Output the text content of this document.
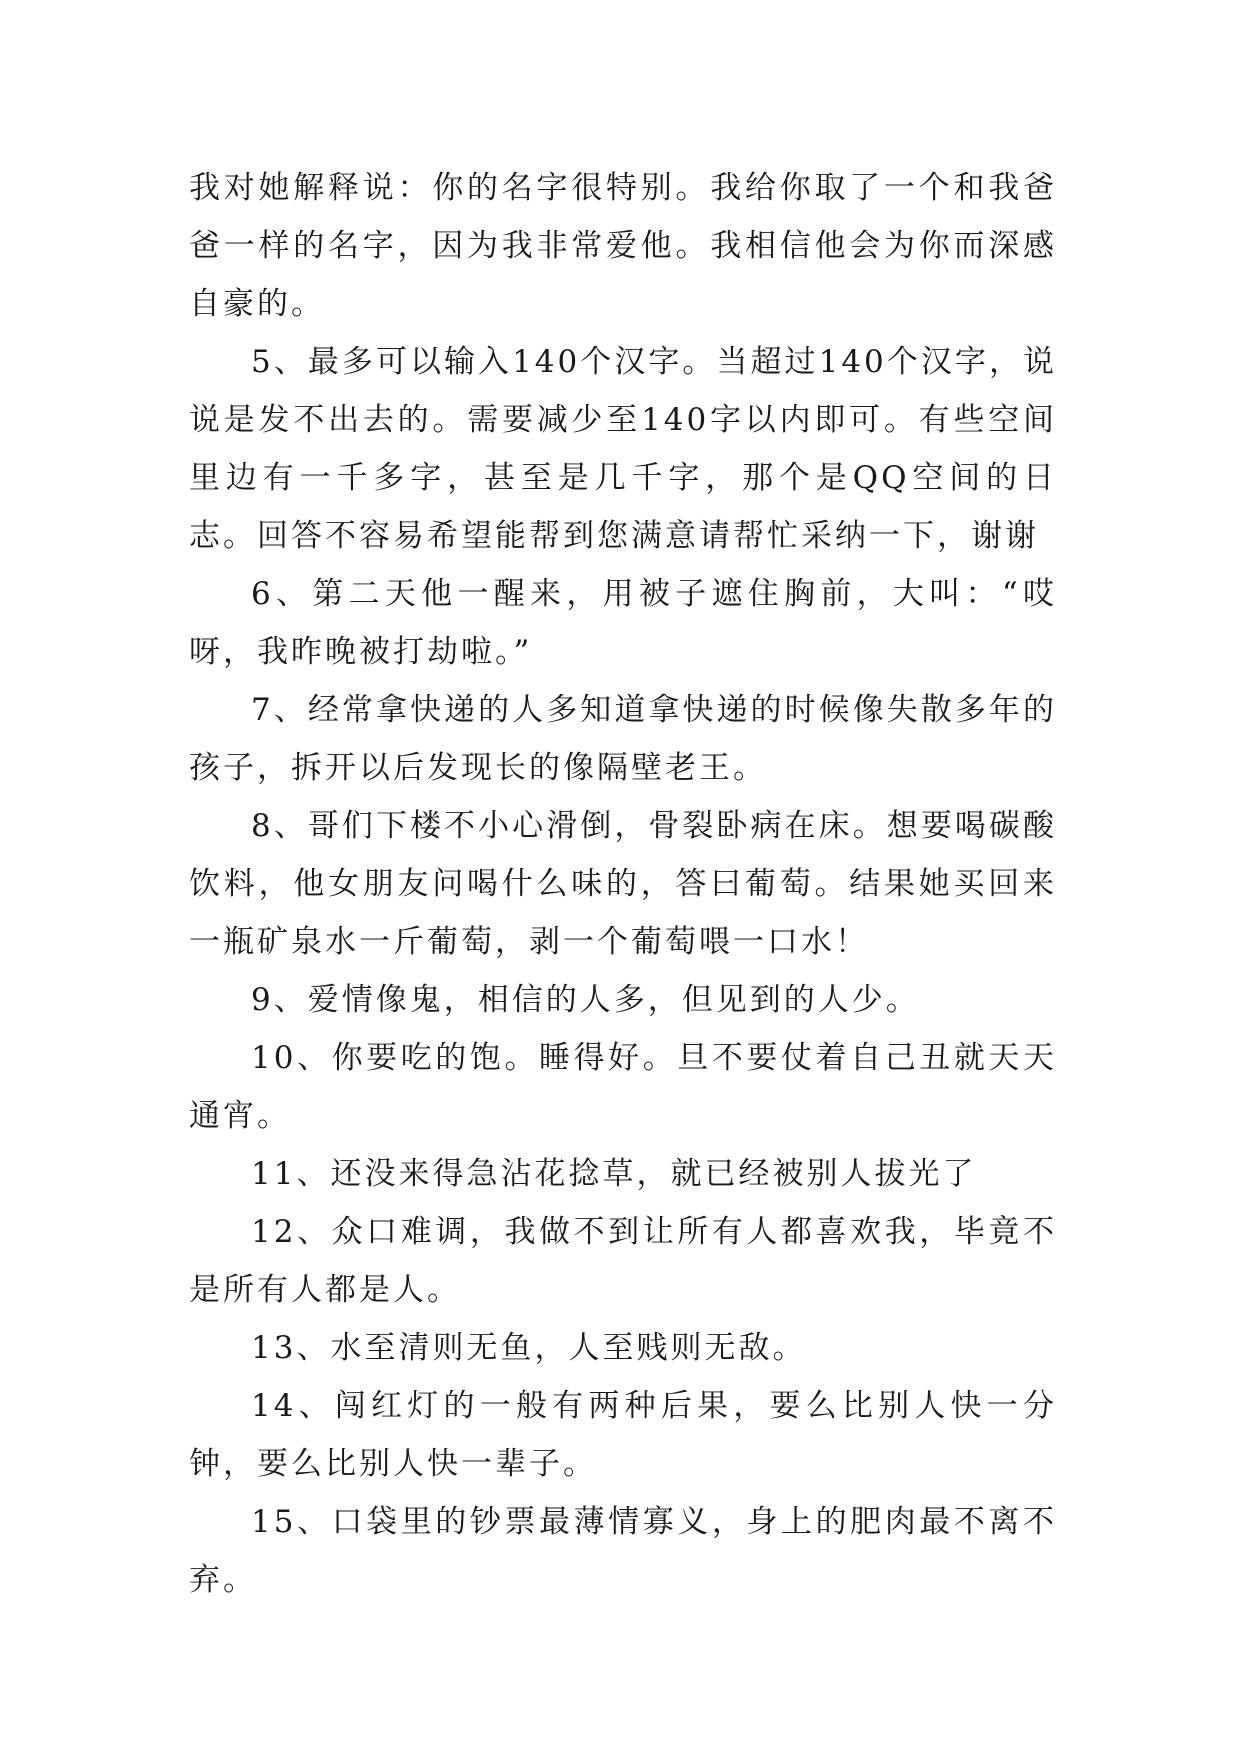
我对她解释说：你的名字很特别。我给你取了一个和我爸爸一样的名字，因为我非常爱他。我相信他会为你而深感自豪的。

5、最多可以输入140个汉字。当超过140个汉字，说说是发不出去的。需要减少至140字以内即可。有些空间里边有一千多字，甚至是几千字，那个是QQ空间的日志。回答不容易希望能帮到您满意请帮忙采纳一下，谢谢

6、第二天他一醒来，用被子遮住胸前，大叫：“哎呀，我昨晚被打劫啦。”

7、经常拿快递的人多知道拿快递的时候像失散多年的孩子，拆开以后发现长的像隔壁老王。

8、哥们下楼不小心滑倒，骨裂卧病在床。想要喝碳酸饮料，他女朋友问喝什么味的，答曰葡萄。结果她买回来一瓶矿泉水一斤葡萄，剥一个葡萄喂一口水！

9、爱情像鬼，相信的人多，但见到的人少。

10、你要吃的饱。睡得好。旦不要仗着自己丑就天天通宵。

11、还没来得急沾花捻草，就已经被别人拔光了

12、众口难调，我做不到让所有人都喜欢我，毕竟不是所有人都是人。

13、水至清则无鱼，人至贱则无敌。

14、闯红灯的一般有两种后果，要么比别人快一分钟，要么比别人快一辈子。

15、口袋里的钞票最薄情寡义，身上的肥肉最不离不弃。
